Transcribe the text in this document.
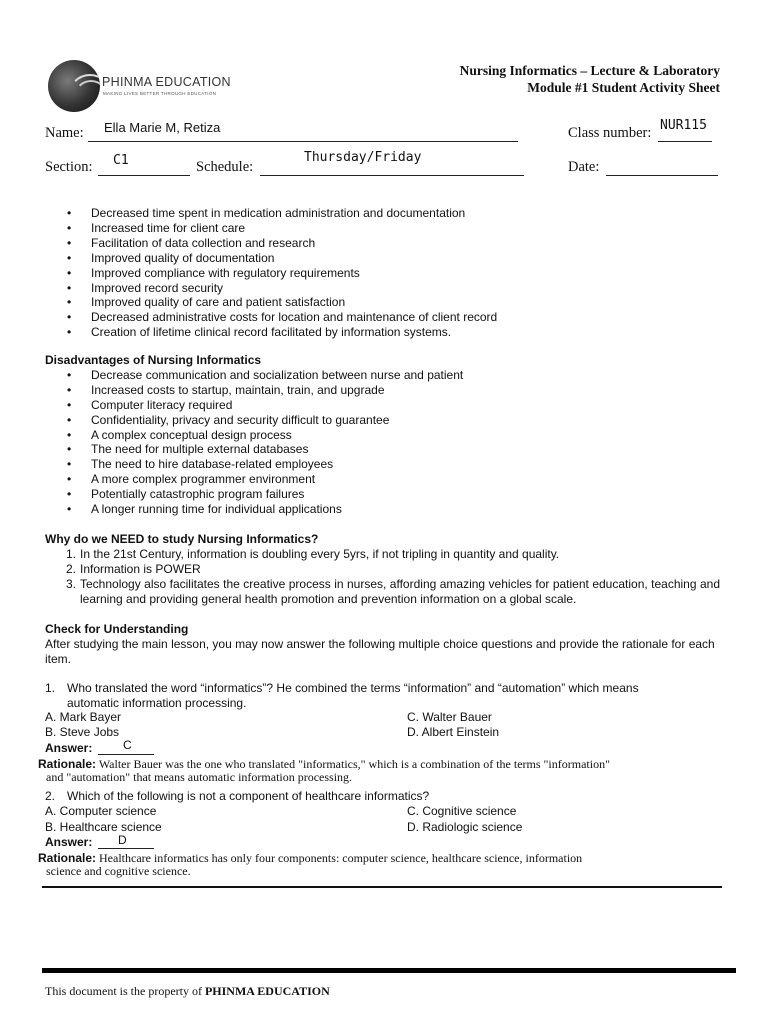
PHINMA EDUCATION
MAKING LIVES BETTER THROUGH EDUCATION
Nursing Informatics – Lecture & Laboratory
Module #1 Student Activity Sheet
Name: Ella Marie M, Retiza	Class number: NUR115
Section: C1	Schedule:
Thursday/Friday
Date:
• Decreased time spent in medication administration and documentation
• Increased time for client care
• Facilitation of data collection and research
• Improved quality of documentation
• Improved compliance with regulatory requirements
• Improved record security
• Improved quality of care and patient satisfaction
• Decreased administrative costs for location and maintenance of client record
• Creation of lifetime clinical record facilitated by information systems.
Disadvantages of Nursing Informatics
• Decrease communication and socialization between nurse and patient
• Increased costs to startup, maintain, train, and upgrade
• Computer literacy required
• Confidentiality, privacy and security difficult to guarantee
• A complex conceptual design process
• The need for multiple external databases
• The need to hire database-related employees
• A more complex programmer environment
• Potentially catastrophic program failures
• A longer running time for individual applications
Why do we NEED to study Nursing Informatics?
1. In the 21st Century, information is doubling every 5yrs, if not tripling in quantity and quality.
2. Information is POWER
3. Technology also facilitates the creative process in nurses, affording amazing vehicles for patient education, teaching and learning and providing general health promotion and prevention information on a global scale.
Check for Understanding
After studying the main lesson, you may now answer the following multiple choice questions and provide the rationale for each item.
1. Who translated the word “informatics”? He combined the terms “information” and “automation” which means
automatic information processing.
A. Mark Bayer	C. Walter Bauer
B. Steve Jobs	D. Albert Einstein
Answer:	C
Rationale: Walter Bauer was the one who translated "informatics," which is a combination of the terms "information"
and "automation" that means automatic information processing.
2. Which of the following is not a component of healthcare informatics?
A. Computer science	C. Cognitive science
B. Healthcare science	D. Radiologic science
Answer: D
Rationale: Healthcare informatics has only four components: computer science, healthcare science, information
science and cognitive science.
This document is the property of PHINMA EDUCATION
